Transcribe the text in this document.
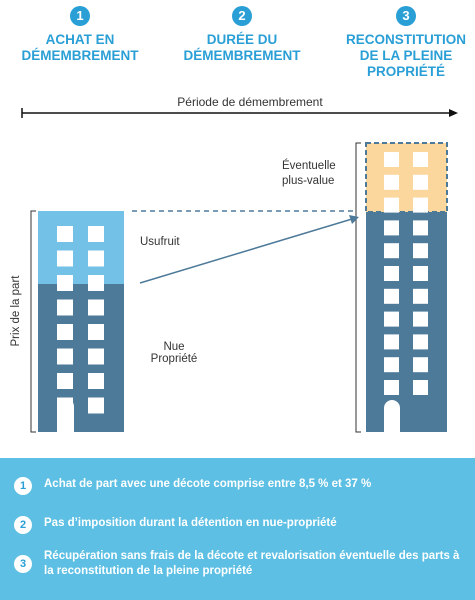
1
ACHAT EN
DÉMEMBREMENT
2
DURÉE DU
DÉMEMBREMENT
3
RECONSTITUTION
DE LA PLEINE
PROPRIÉTÉ
Période de démembrement
Prix de la part
Usufruit
Nue
Propriété
Éventuelle
plus-value
1	Achat de part avec une décote comprise entre 8,5 % et 37 %
2	Pas d’imposition durant la détention en nue-propriété
3
Récupération sans frais de la décote et revalorisation éventuelle des parts à la reconstitution de la pleine propriété
